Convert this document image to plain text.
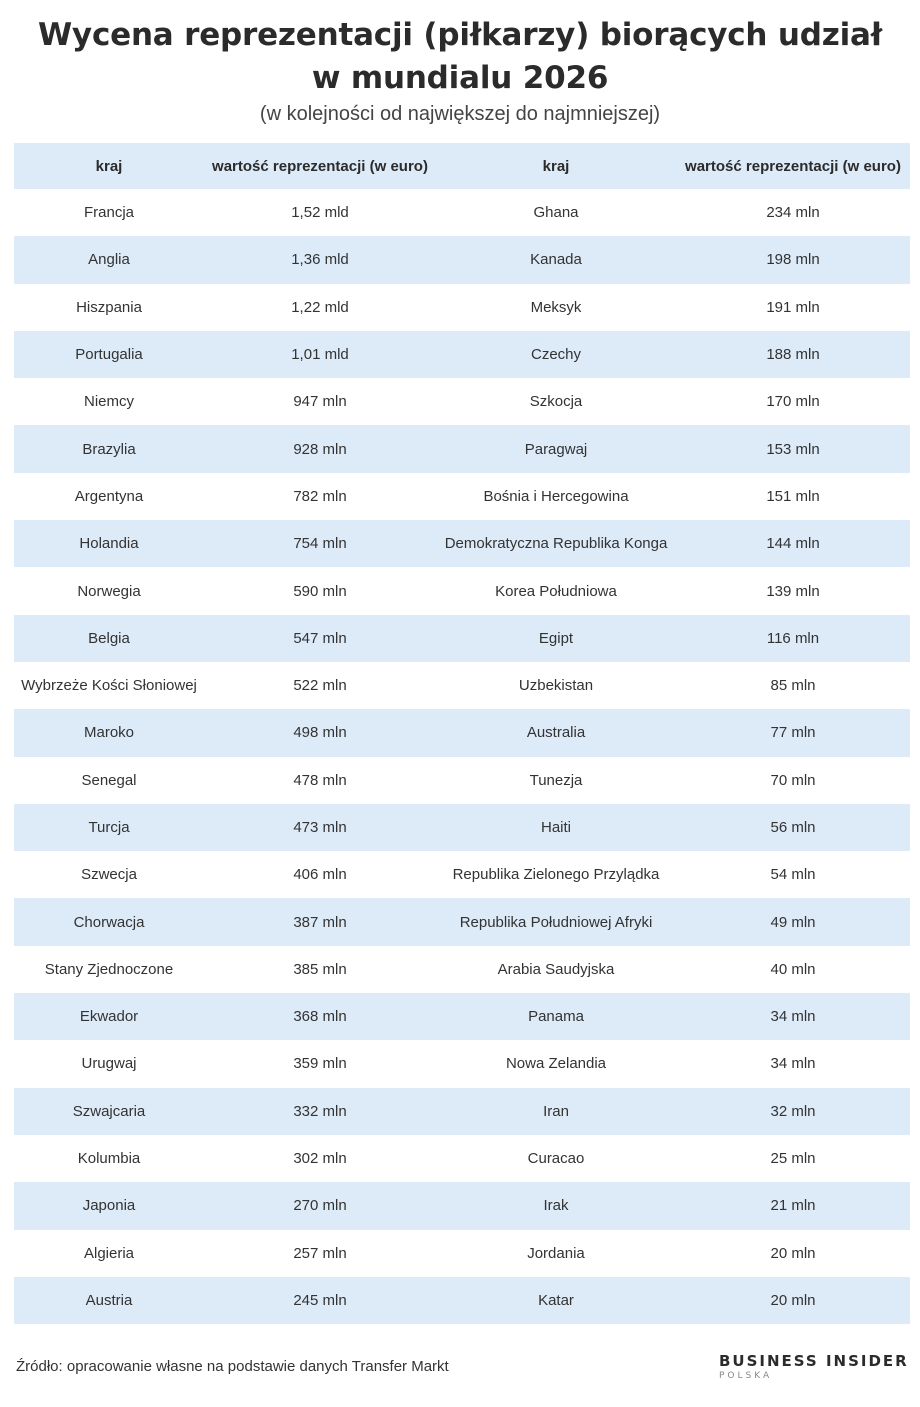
Wycena reprezentacji (piłkarzy) biorących udział w mundialu 2026
(w kolejności od największej do najmniejszej)
kraj	wartość reprezentacji (w euro)	kraj	wartość reprezentacji (w euro)
Francja	1,52 mld	Ghana	234 mln
Anglia	1,36 mld	Kanada	198 mln
Hiszpania	1,22 mld	Meksyk	191 mln
Portugalia	1,01 mld	Czechy	188 mln
Niemcy	947 mln	Szkocja	170 mln
Brazylia	928 mln	Paragwaj	153 mln
Argentyna	782 mln	Bośnia i Hercegowina	151 mln
Holandia	754 mln	Demokratyczna Republika Konga	144 mln
Norwegia	590 mln	Korea Południowa	139 mln
Belgia	547 mln	Egipt	116 mln
Wybrzeże Kości Słoniowej	522 mln	Uzbekistan	85 mln
Maroko	498 mln	Australia	77 mln
Senegal	478 mln	Tunezja	70 mln
Turcja	473 mln	Haiti	56 mln
Szwecja	406 mln	Republika Zielonego Przylądka	54 mln
Chorwacja	387 mln	Republika Południowej Afryki	49 mln
Stany Zjednoczone	385 mln	Arabia Saudyjska	40 mln
Ekwador	368 mln	Panama	34 mln
Urugwaj	359 mln	Nowa Zelandia	34 mln
Szwajcaria	332 mln	Iran	32 mln
Kolumbia	302 mln	Curacao	25 mln
Japonia	270 mln	Irak	21 mln
Algieria	257 mln	Jordania	20 mln
Austria	245 mln	Katar	20 mln
Źródło: opracowanie własne na podstawie danych Transfer Markt	BUSINESS INSIDER
POLSKA
